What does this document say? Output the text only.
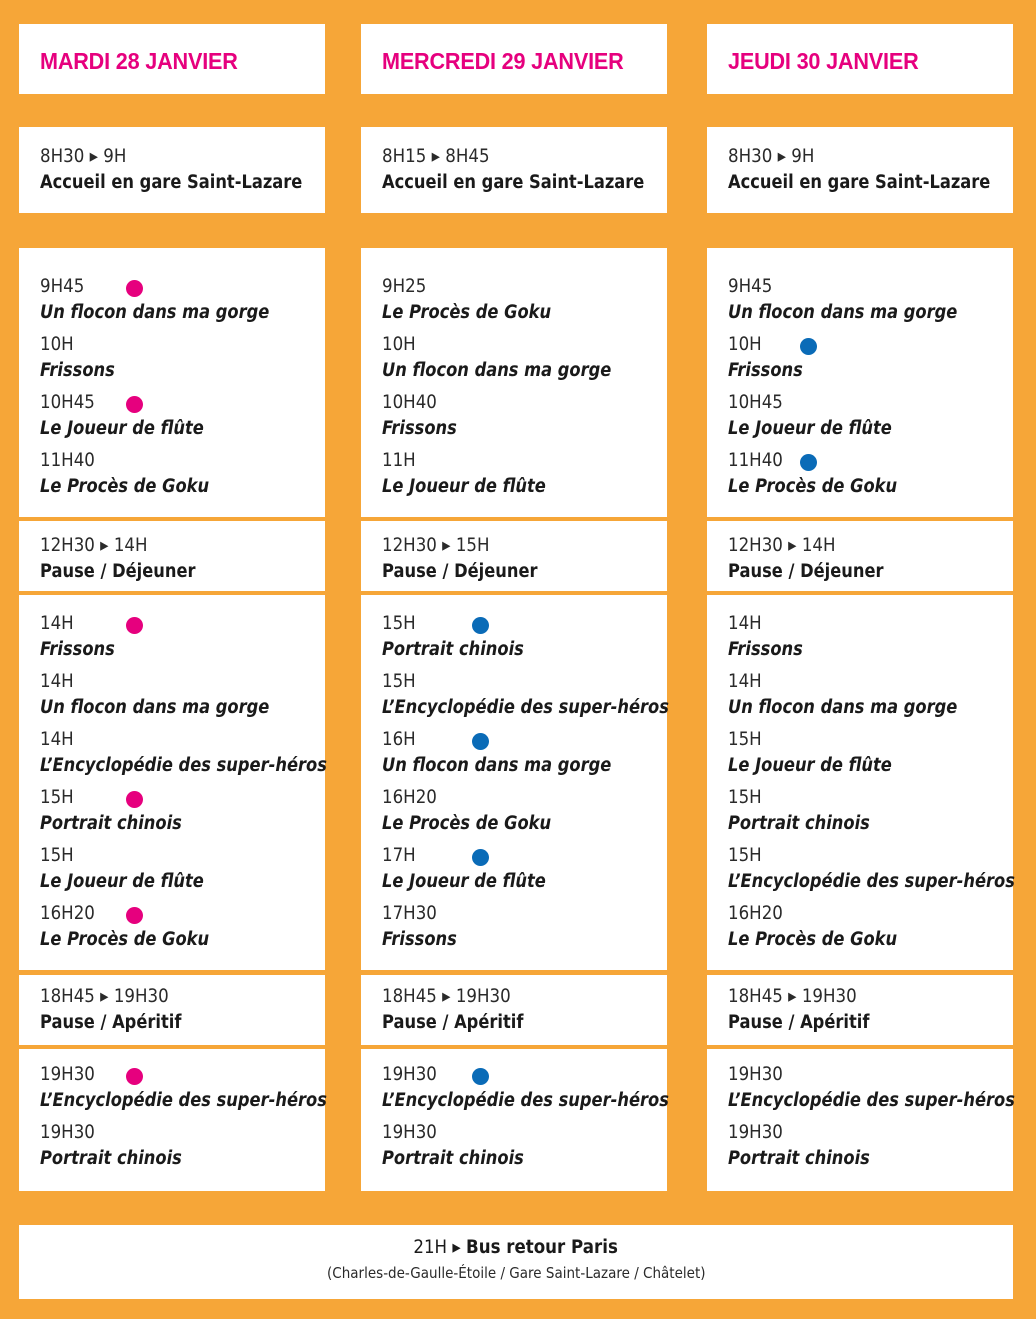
MARDI 28 JANVIER
8H30 ▸ 9H
Accueil en gare Saint-Lazare
9H45
Un flocon dans ma gorge
10H
Frissons
10H45
Le Joueur de flûte
11H40
Le Procès de Goku
12H30 ▸ 14H
Pause / Déjeuner
14H
Frissons
14H
Un flocon dans ma gorge
14H
L’Encyclopédie des super-héros
15H
Portrait chinois
15H
Le Joueur de flûte
16H20
Le Procès de Goku
18H45 ▸ 19H30
Pause / Apéritif
19H30
L’Encyclopédie des super-héros
19H30
Portrait chinois
MERCREDI 29 JANVIER
8H15 ▸ 8H45
Accueil en gare Saint-Lazare
9H25
Le Procès de Goku
10H
Un flocon dans ma gorge
10H40
Frissons
11H
Le Joueur de flûte
12H30 ▸ 15H
Pause / Déjeuner
15H
Portrait chinois
15H
L’Encyclopédie des super-héros
16H
Un flocon dans ma gorge
16H20
Le Procès de Goku
17H
Le Joueur de flûte
17H30
Frissons
18H45 ▸ 19H30
Pause / Apéritif
19H30
L’Encyclopédie des super-héros
19H30
Portrait chinois
JEUDI 30 JANVIER
8H30 ▸ 9H
Accueil en gare Saint-Lazare
9H45
Un flocon dans ma gorge
10H
Frissons
10H45
Le Joueur de flûte
11H40
Le Procès de Goku
12H30 ▸ 14H
Pause / Déjeuner
14H
Frissons
14H
Un flocon dans ma gorge
15H
Le Joueur de flûte
15H
Portrait chinois
15H
L’Encyclopédie des super-héros
16H20
Le Procès de Goku
18H45 ▸ 19H30
Pause / Apéritif
19H30
L’Encyclopédie des super-héros
19H30
Portrait chinois
21H ▸ Bus retour Paris
(Charles-de-Gaulle-Étoile / Gare Saint-Lazare / Châtelet)
